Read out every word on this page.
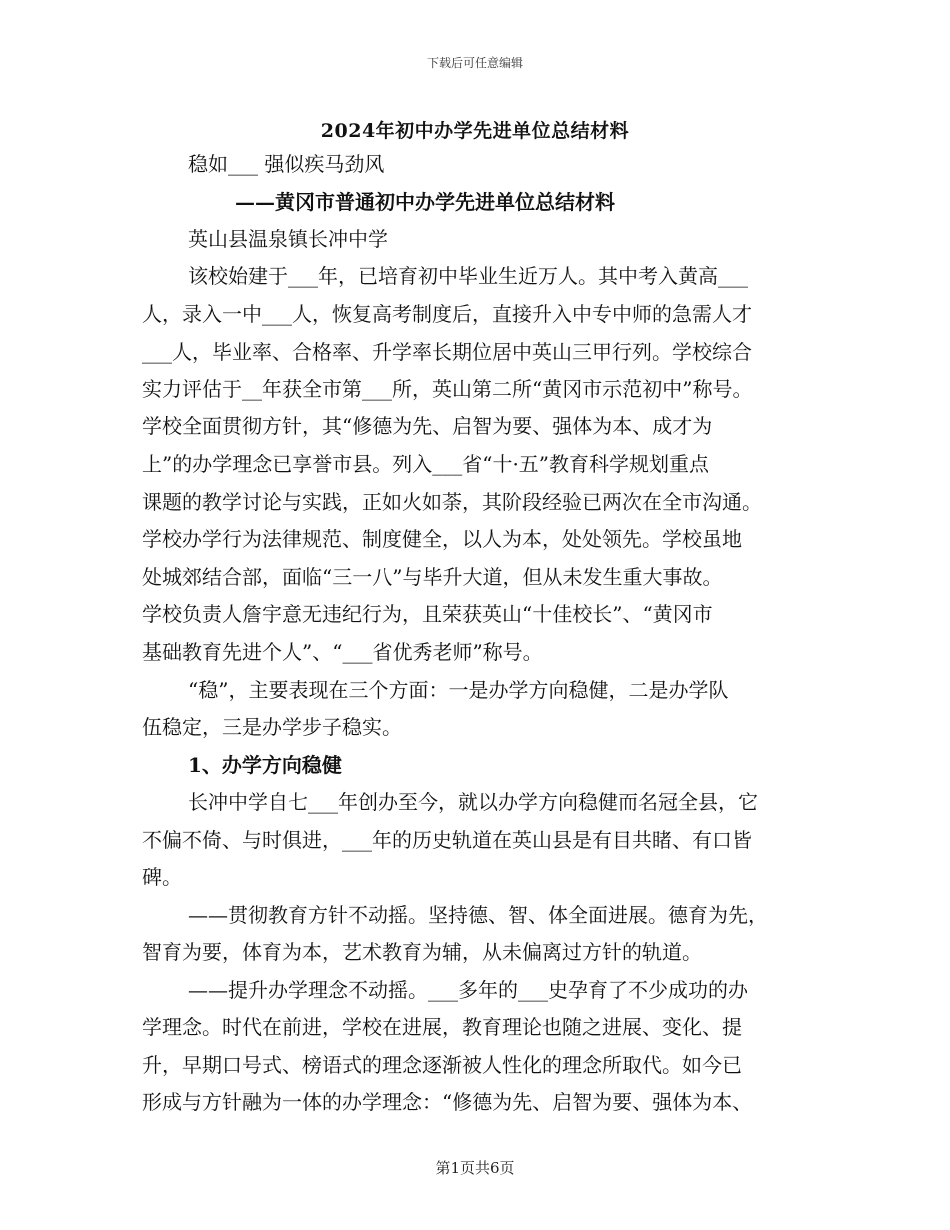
下载后可任意编辑
2024年初中办学先进单位总结材料
稳如___ 强似疾马劲风
——黄冈市普通初中办学先进单位总结材料
英山县温泉镇长冲中学
该校始建于___年，已培育初中毕业生近万人。其中考入黄高___
人，录入一中___人，恢复高考制度后，直接升入中专中师的急需人才
___人，毕业率、合格率、升学率长期位居中英山三甲行列。学校综合
实力评估于__年获全市第___所，英山第二所“黄冈市示范初中”称号。
学校全面贯彻方针，其“修德为先、启智为要、强体为本、成才为
上”的办学理念已享誉市县。列入___省“十·五”教育科学规划重点
课题的教学讨论与实践，正如火如荼，其阶段经验已两次在全市沟通。
学校办学行为法律规范、制度健全，以人为本，处处领先。学校虽地
处城郊结合部，面临“三一八”与毕升大道，但从未发生重大事故。
学校负责人詹宇意无违纪行为，且荣获英山“十佳校长”、“黄冈市
基础教育先进个人”、“___省优秀老师”称号。
“稳”，主要表现在三个方面：一是办学方向稳健，二是办学队
伍稳定，三是办学步子稳实。
1、办学方向稳健
长冲中学自七___年创办至今，就以办学方向稳健而名冠全县，它
不偏不倚、与时俱进，___年的历史轨道在英山县是有目共睹、有口皆
碑。
——贯彻教育方针不动摇。坚持德、智、体全面进展。德育为先，
智育为要，体育为本，艺术教育为辅，从未偏离过方针的轨道。
——提升办学理念不动摇。___多年的___史孕育了不少成功的办
学理念。时代在前进，学校在进展，教育理论也随之进展、变化、提
升，早期口号式、榜语式的理念逐渐被人性化的理念所取代。如今已
形成与方针融为一体的办学理念：“修德为先、启智为要、强体为本、
第1页共6页
